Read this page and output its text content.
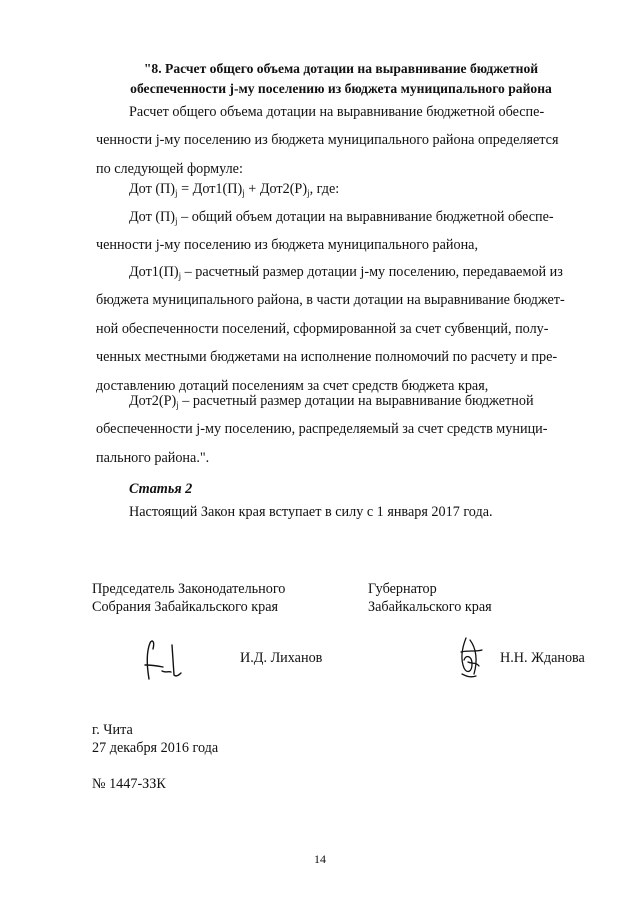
"8. Расчет общего объема дотации на выравнивание бюджетной
обеспеченности j-му поселению из бюджета муниципального района
Расчет общего объема дотации на выравнивание бюджетной обеспе-
ченности j-му поселению из бюджета муниципального района определяется
по следующей формуле:
Дот $(П)_j = Дот1(П)_j + Дот2(Р)_j$, где:
Дот $(П)_j$ – общий объем дотации на выравнивание бюджетной обеспе-
ченности j-му поселению из бюджета муниципального района,
$Дот1(П)_j$ – расчетный размер дотации j-му поселению, передаваемой из
бюджета муниципального района, в части дотации на выравнивание бюджет-
ной обеспеченности поселений, сформированной за счет субвенций, полу-
ченных местными бюджетами на исполнение полномочий по расчету и пре-
доставлению дотаций поселениям за счет средств бюджета края,
$Дот2(Р)_j$ – расчетный размер дотации на выравнивание бюджетной
обеспеченности j-му поселению, распределяемый за счет средств муници-
пального района.".
Статья 2
Настоящий Закон края вступает в силу с 1 января 2017 года.
Председатель Законодательного
Собрания Забайкальского края
Губернатор
Забайкальского края
И.Д. Лиханов	Н.Н. Жданова
г. Чита
27 декабря 2016 года
№ 1447-ЗЗК
14
